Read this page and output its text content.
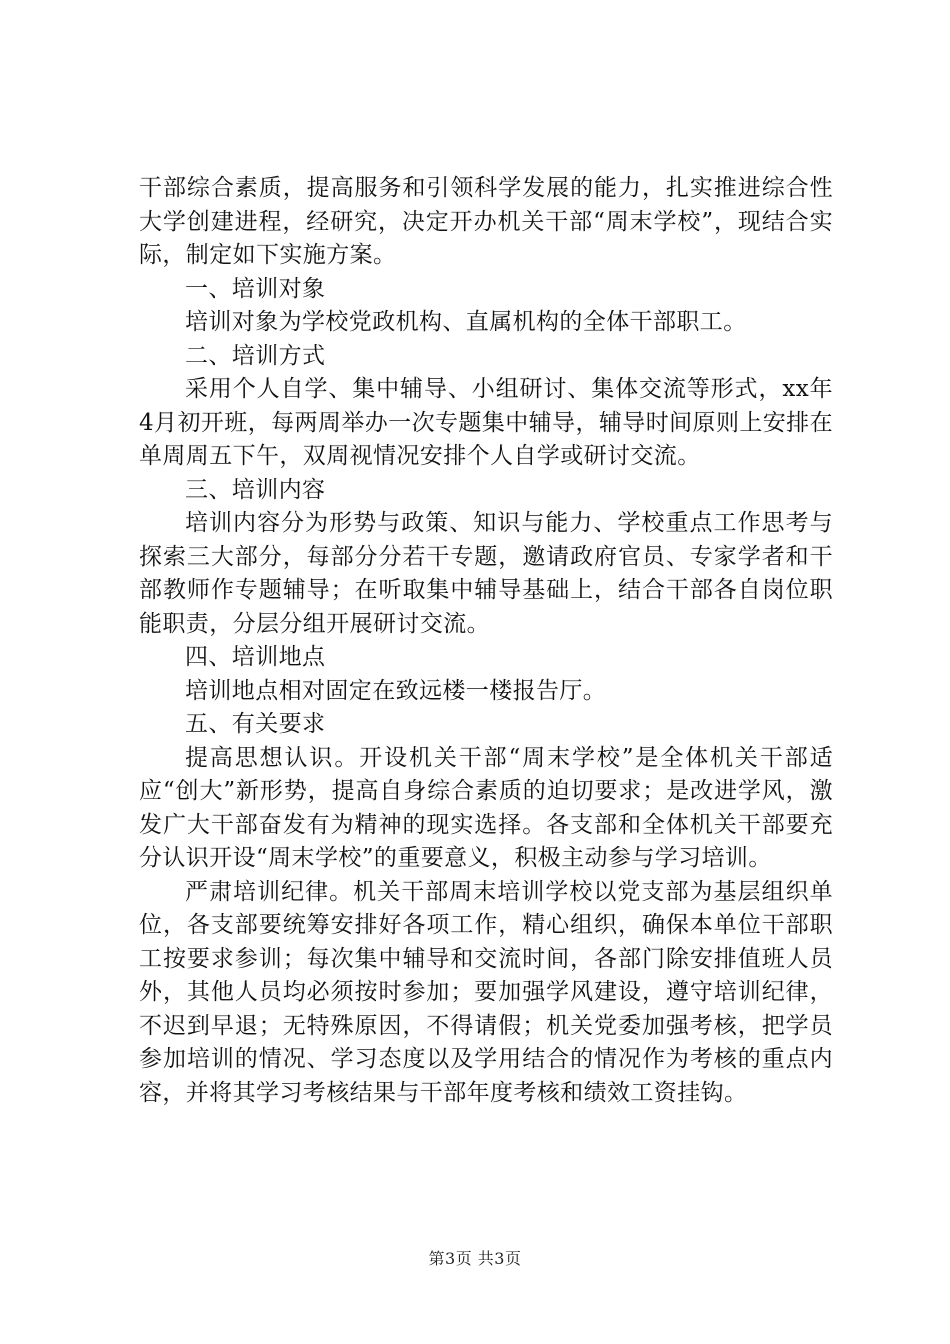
干部综合素质，提高服务和引领科学发展的能力，扎实推进综合性大学创建进程，经研究，决定开办机关干部“周末学校”，现结合实际，制定如下实施方案。

一、培训对象

培训对象为学校党政机构、直属机构的全体干部职工。

二、培训方式

采用个人自学、集中辅导、小组研讨、集体交流等形式，xx年4月初开班，每两周举办一次专题集中辅导，辅导时间原则上安排在单周周五下午，双周视情况安排个人自学或研讨交流。

三、培训内容

培训内容分为形势与政策、知识与能力、学校重点工作思考与探索三大部分，每部分分若干专题，邀请政府官员、专家学者和干部教师作专题辅导；在听取集中辅导基础上，结合干部各自岗位职能职责，分层分组开展研讨交流。

四、培训地点

培训地点相对固定在致远楼一楼报告厅。

五、有关要求

提高思想认识。开设机关干部“周末学校”是全体机关干部适应“创大”新形势，提高自身综合素质的迫切要求；是改进学风，激发广大干部奋发有为精神的现实选择。各支部和全体机关干部要充分认识开设“周末学校”的重要意义，积极主动参与学习培训。

严肃培训纪律。机关干部周末培训学校以党支部为基层组织单位，各支部要统筹安排好各项工作，精心组织，确保本单位干部职工按要求参训；每次集中辅导和交流时间，各部门除安排值班人员外，其他人员均必须按时参加；要加强学风建设，遵守培训纪律，不迟到早退；无特殊原因，不得请假；机关党委加强考核，把学员参加培训的情况、学习态度以及学用结合的情况作为考核的重点内容，并将其学习考核结果与干部年度考核和绩效工资挂钩。

第3页 共3页
